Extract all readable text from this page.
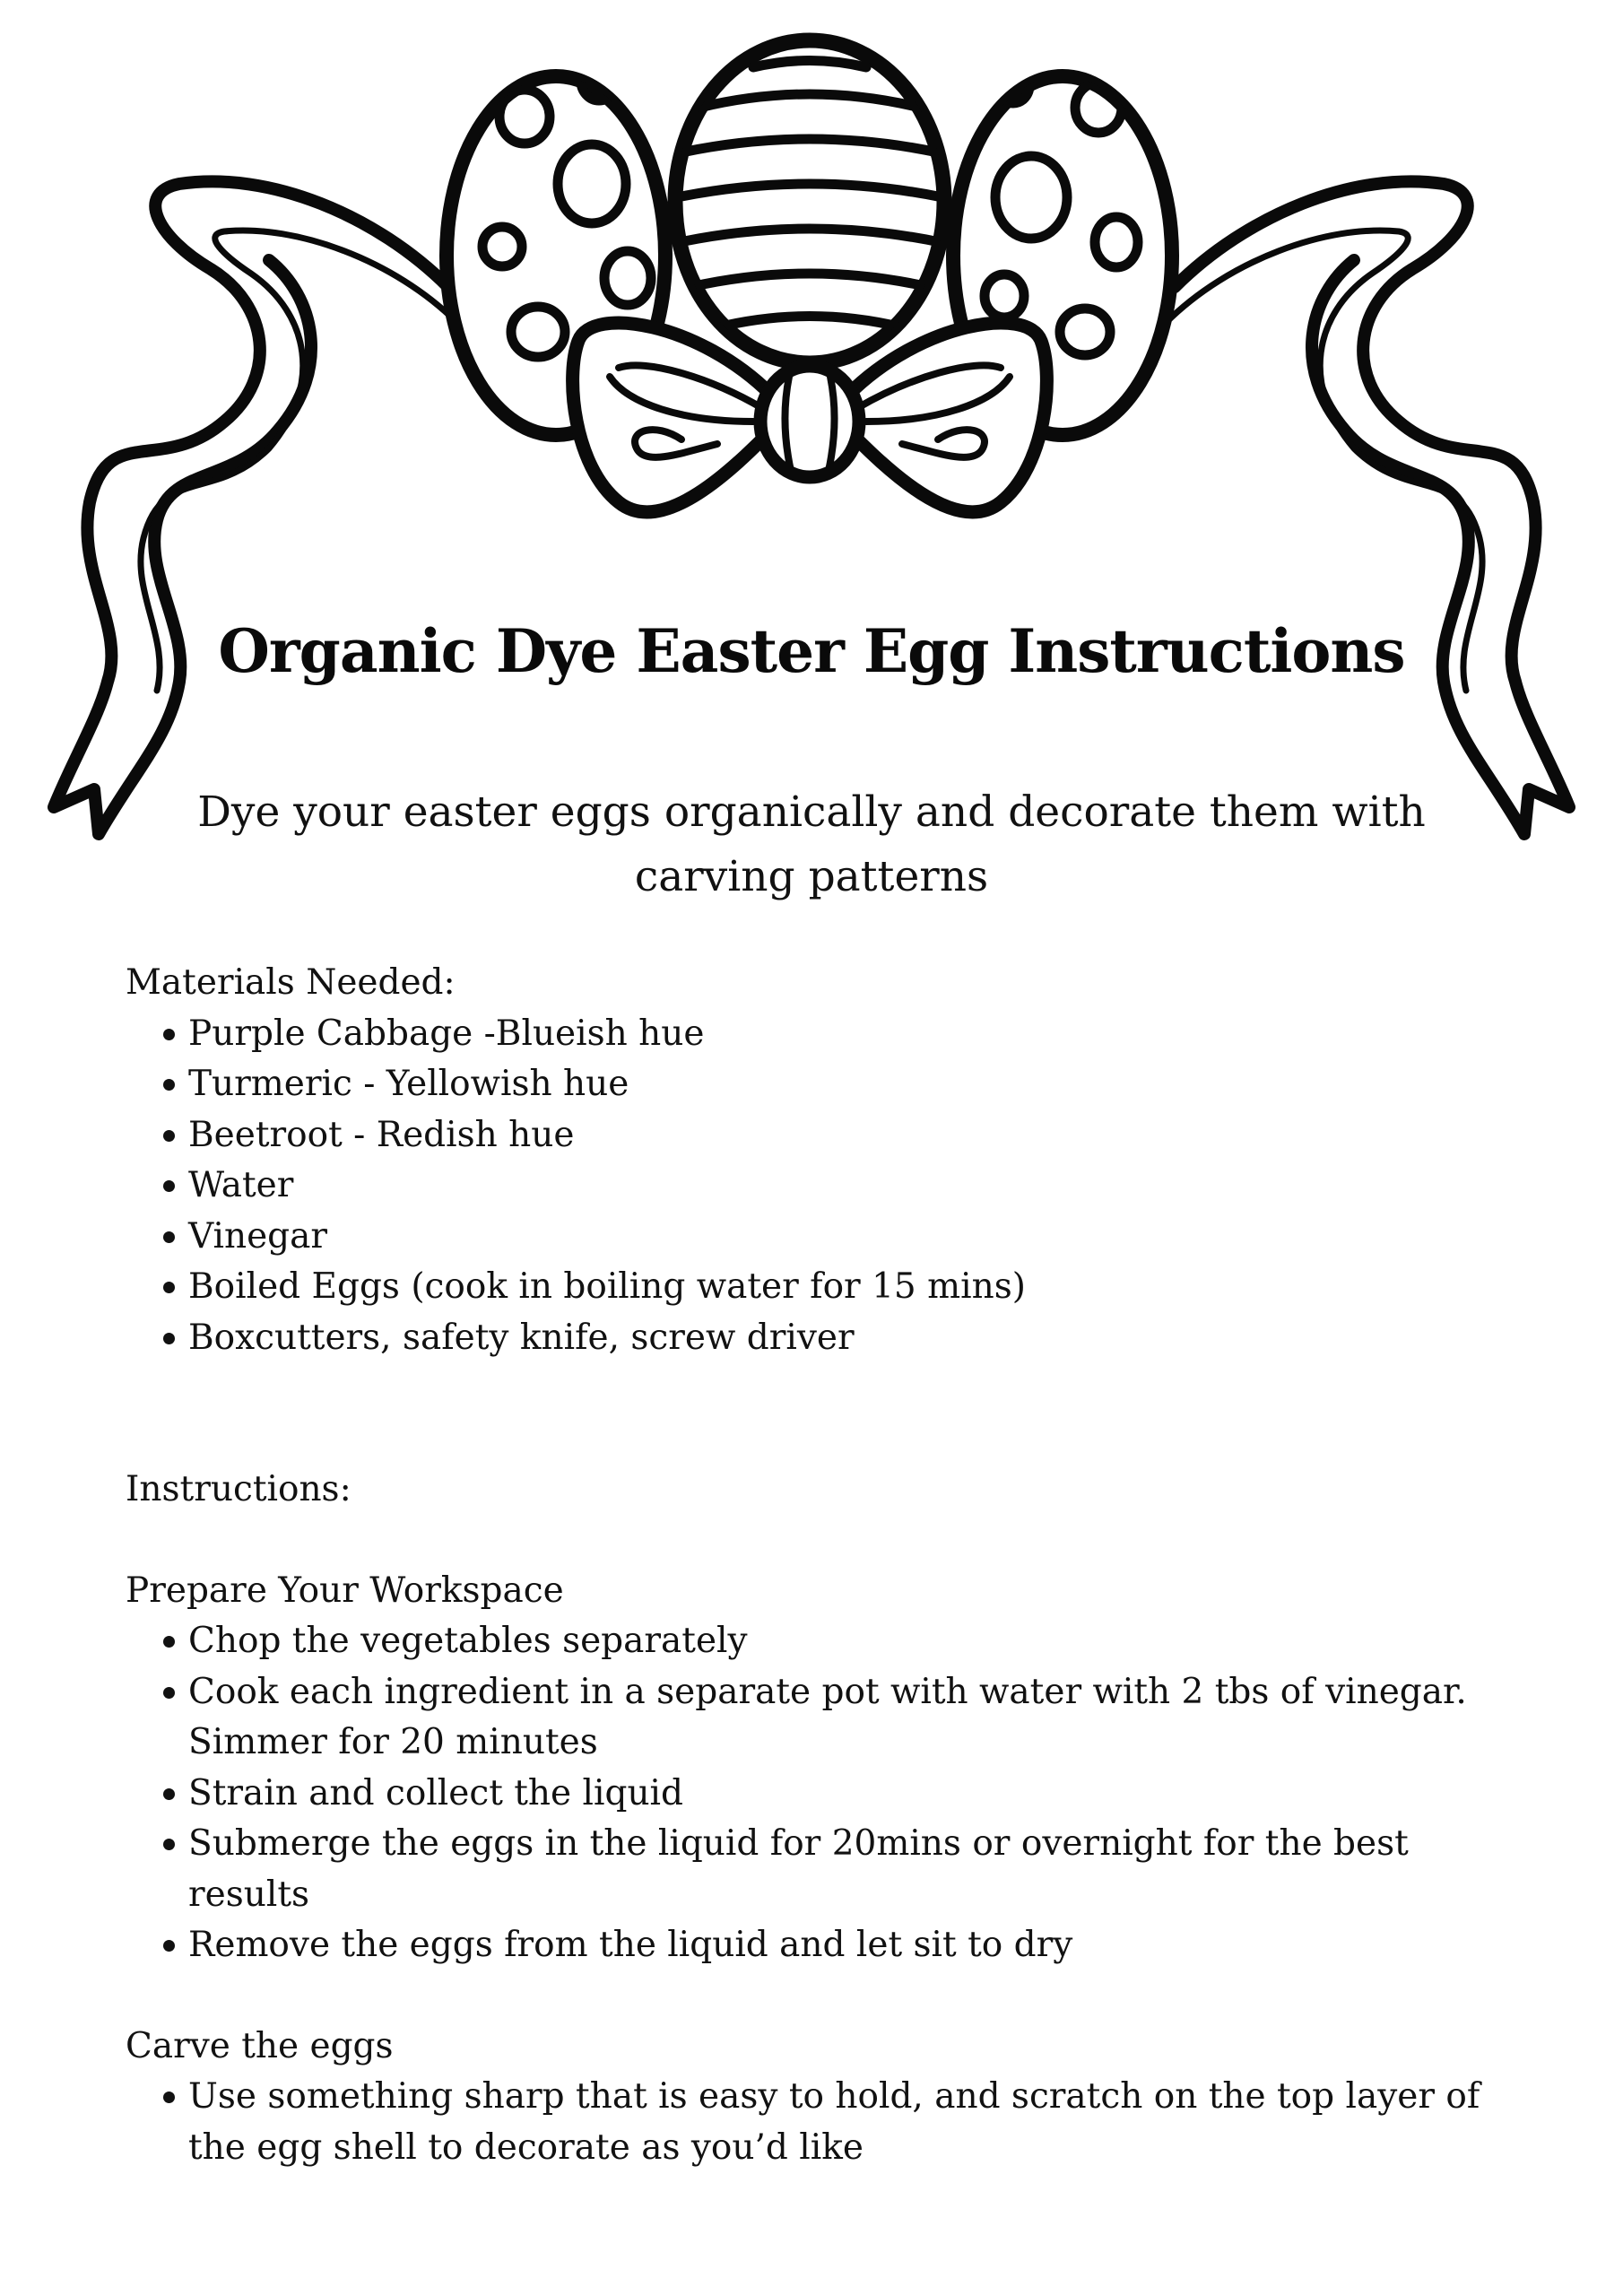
Organic Dye Easter Egg Instructions
Dye your easter eggs organically and decorate them with carving patterns
Materials Needed:
Purple Cabbage -Blueish hue
Turmeric - Yellowish hue
Beetroot - Redish hue
Water
Vinegar
Boiled Eggs (cook in boiling water for 15 mins)
Boxcutters, safety knife, screw driver
Instructions:
Prepare Your Workspace
Chop the vegetables separately
Cook each ingredient in a separate pot with water with 2 tbs of vinegar. Simmer for 20 minutes
Strain and collect the liquid
Submerge the eggs in the liquid for 20mins or overnight for the best results
Remove the eggs from the liquid and let sit to dry
Carve the eggs
Use something sharp that is easy to hold, and scratch on the top layer of the egg shell to decorate as you’d like
